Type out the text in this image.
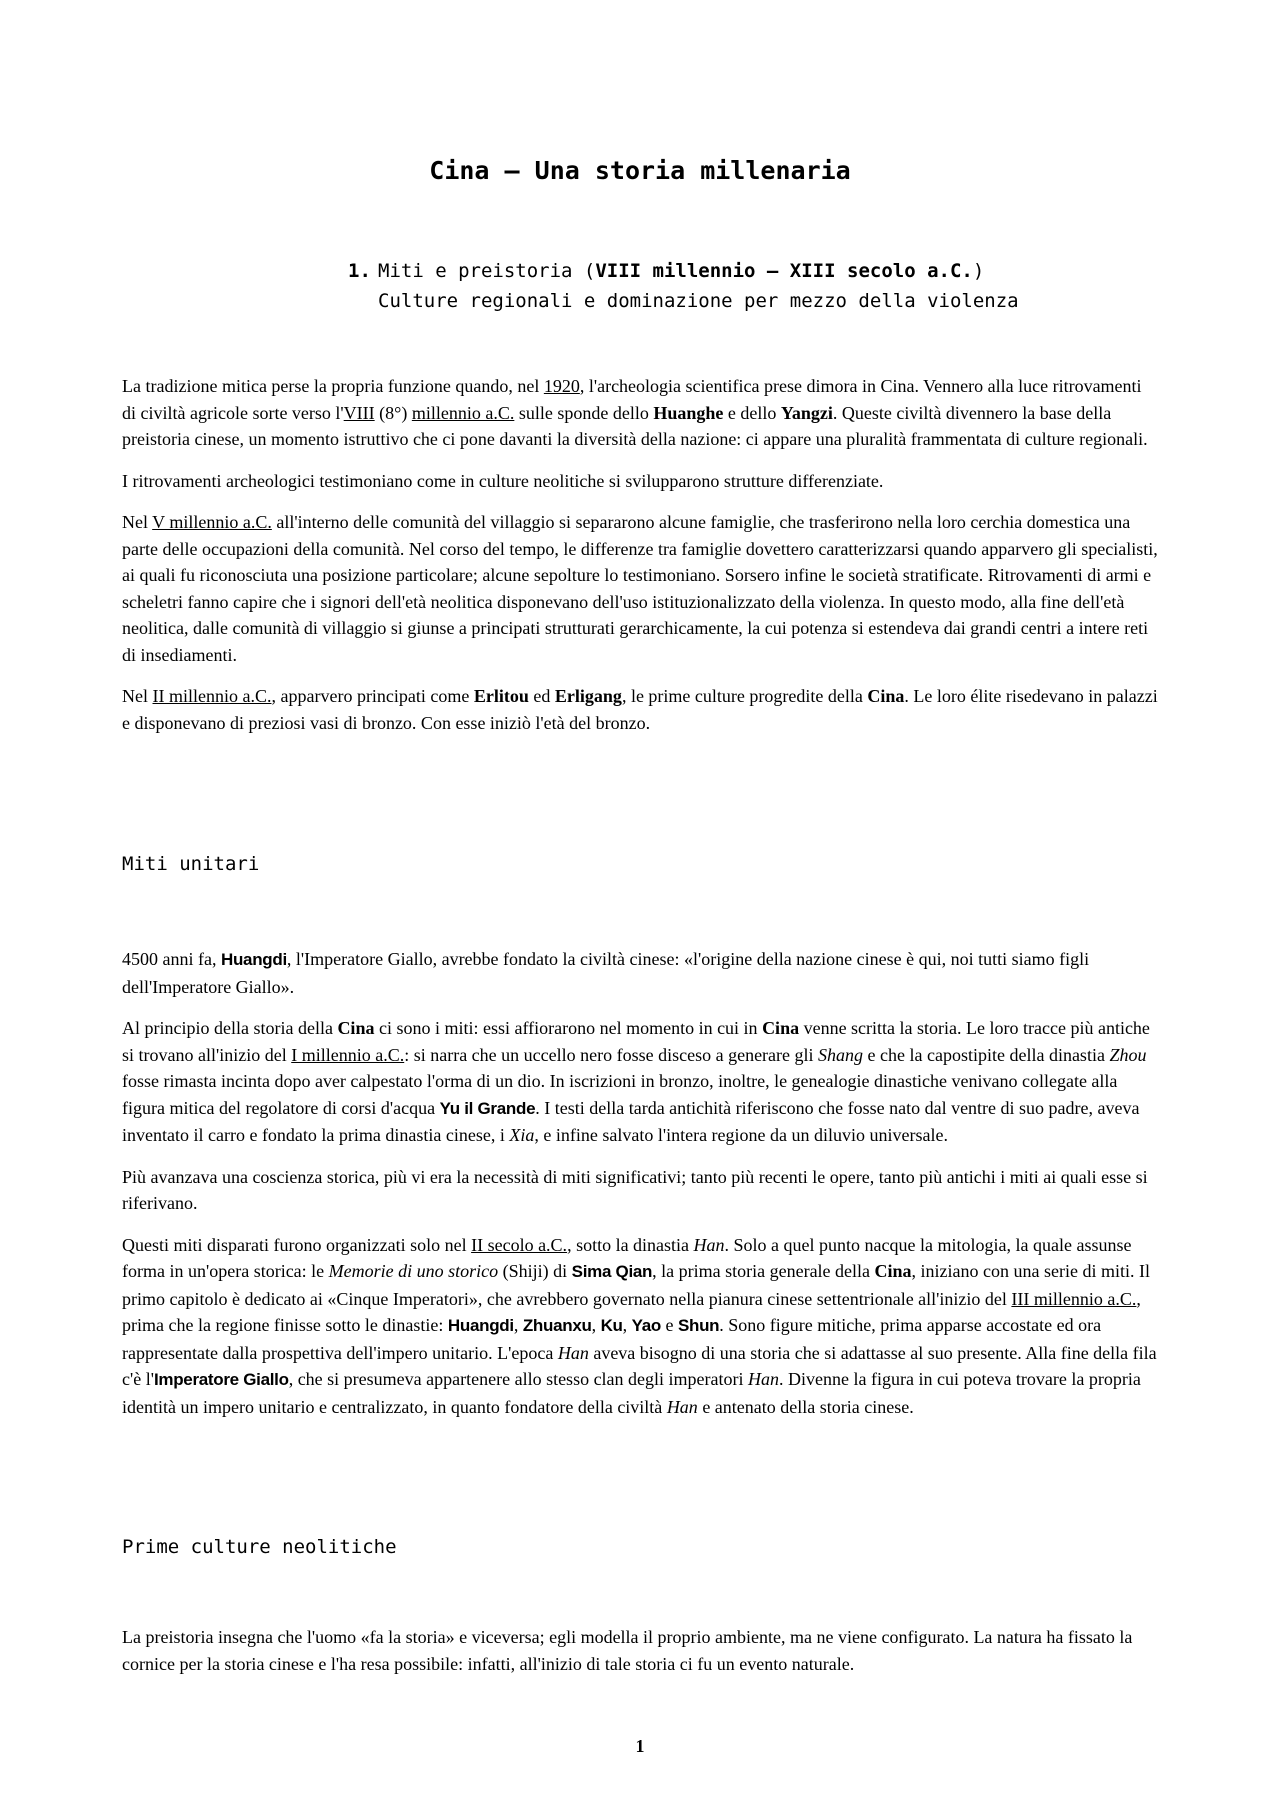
Cina – Una storia millenaria
1. Miti e preistoria (VIII millennio – XIII secolo a.C.)
Culture regionali e dominazione per mezzo della violenza

La tradizione mitica perse la propria funzione quando, nel 1920, l'archeologia scientifica prese dimora in Cina. Vennero alla luce ritrovamenti di civiltà agricole sorte verso l'VIII (8°) millennio a.C. sulle sponde dello Huanghe e dello Yangzi. Queste civiltà divennero la base della preistoria cinese, un momento istruttivo che ci pone davanti la diversità della nazione: ci appare una pluralità frammentata di culture regionali.

I ritrovamenti archeologici testimoniano come in culture neolitiche si svilupparono strutture differenziate.

Nel V millennio a.C. all'interno delle comunità del villaggio si separarono alcune famiglie, che trasferirono nella loro cerchia domestica una parte delle occupazioni della comunità. Nel corso del tempo, le differenze tra famiglie dovettero caratterizzarsi quando apparvero gli specialisti, ai quali fu riconosciuta una posizione particolare; alcune sepolture lo testimoniano. Sorsero infine le società stratificate. Ritrovamenti di armi e scheletri fanno capire che i signori dell'età neolitica disponevano dell'uso istituzionalizzato della violenza. In questo modo, alla fine dell'età neolitica, dalle comunità di villaggio si giunse a principati strutturati gerarchicamente, la cui potenza si estendeva dai grandi centri a intere reti di insediamenti.

Nel II millennio a.C., apparvero principati come Erlitou ed Erligang, le prime culture progredite della Cina. Le loro élite risedevano in palazzi e disponevano di preziosi vasi di bronzo. Con esse iniziò l'età del bronzo.

Miti unitari

4500 anni fa, Huangdi, l'Imperatore Giallo, avrebbe fondato la civiltà cinese: «l'origine della nazione cinese è qui, noi tutti siamo figli dell'Imperatore Giallo».

Al principio della storia della Cina ci sono i miti: essi affiorarono nel momento in cui in Cina venne scritta la storia. Le loro tracce più antiche si trovano all'inizio del I millennio a.C.: si narra che un uccello nero fosse disceso a generare gli Shang e che la capostipite della dinastia Zhou fosse rimasta incinta dopo aver calpestato l'orma di un dio. In iscrizioni in bronzo, inoltre, le genealogie dinastiche venivano collegate alla figura mitica del regolatore di corsi d'acqua Yu il Grande. I testi della tarda antichità riferiscono che fosse nato dal ventre di suo padre, aveva inventato il carro e fondato la prima dinastia cinese, i Xia, e infine salvato l'intera regione da un diluvio universale.

Più avanzava una coscienza storica, più vi era la necessità di miti significativi; tanto più recenti le opere, tanto più antichi i miti ai quali esse si riferivano.

Questi miti disparati furono organizzati solo nel II secolo a.C., sotto la dinastia Han. Solo a quel punto nacque la mitologia, la quale assunse forma in un'opera storica: le Memorie di uno storico (Shiji) di Sima Qian, la prima storia generale della Cina, iniziano con una serie di miti. Il primo capitolo è dedicato ai «Cinque Imperatori», che avrebbero governato nella pianura cinese settentrionale all'inizio del III millennio a.C., prima che la regione finisse sotto le dinastie: Huangdi, Zhuanxu, Ku, Yao e Shun. Sono figure mitiche, prima apparse accostate ed ora rappresentate dalla prospettiva dell'impero unitario. L'epoca Han aveva bisogno di una storia che si adattasse al suo presente. Alla fine della fila c'è l'Imperatore Giallo, che si presumeva appartenere allo stesso clan degli imperatori Han. Divenne la figura in cui poteva trovare la propria identità un impero unitario e centralizzato, in quanto fondatore della civiltà Han e antenato della storia cinese.

Prime culture neolitiche

La preistoria insegna che l'uomo «fa la storia» e viceversa; egli modella il proprio ambiente, ma ne viene configurato. La natura ha fissato la cornice per la storia cinese e l'ha resa possibile: infatti, all'inizio di tale storia ci fu un evento naturale.

1
